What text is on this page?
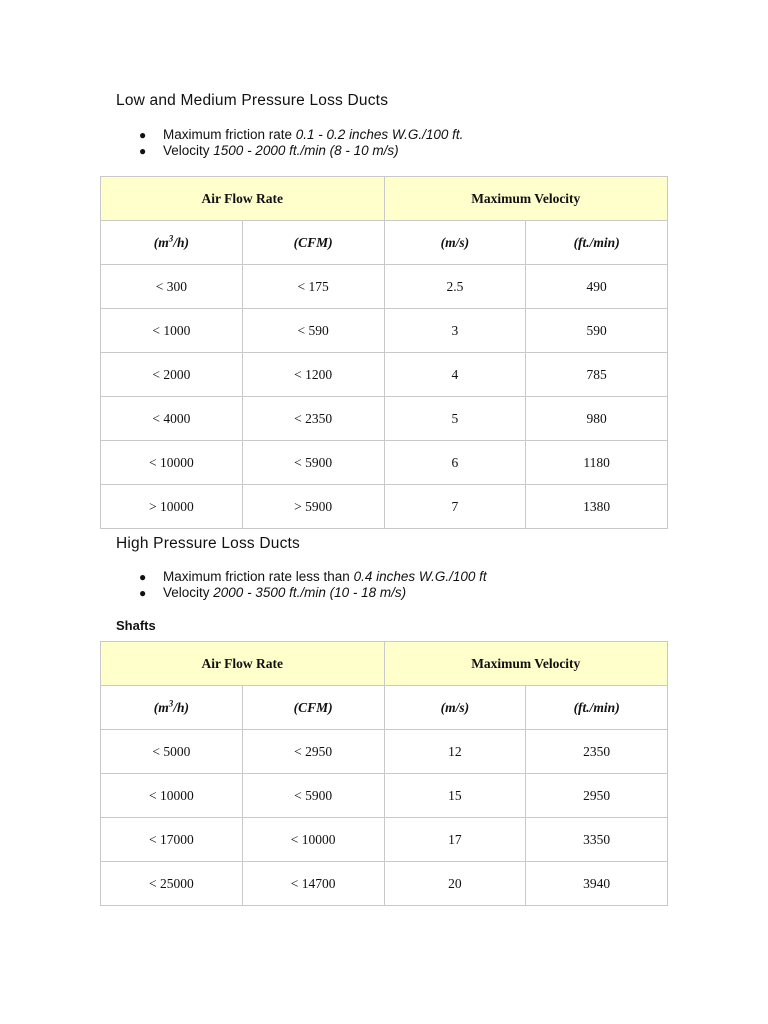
Low and Medium Pressure Loss Ducts
● Maximum friction rate 0.1 - 0.2 inches W.G./100 ft.
● Velocity 1500 - 2000 ft./min (8 - 10 m/s)
Air Flow Rate		Maximum Velocity	
$(m^3/h)$	(CFM)	(m/s)	(ft./min)
< 300	< 175	2.5	490
< 1000	< 590	3	590
< 2000	< 1200	4	785
< 4000	< 2350	5	980
< 10000	< 5900	6	1180
> 10000	> 5900	7	1380
High Pressure Loss Ducts
● Maximum friction rate less than 0.4 inches W.G./100 ft
● Velocity 2000 - 3500 ft./min (10 - 18 m/s)
Shafts
Air Flow Rate		Maximum Velocity	
$(m^3/h)$	(CFM)	(m/s)	(ft./min)
< 5000	< 2950	12	2350
< 10000	< 5900	15	2950
< 17000	< 10000	17	3350
< 25000	< 14700	20	3940
